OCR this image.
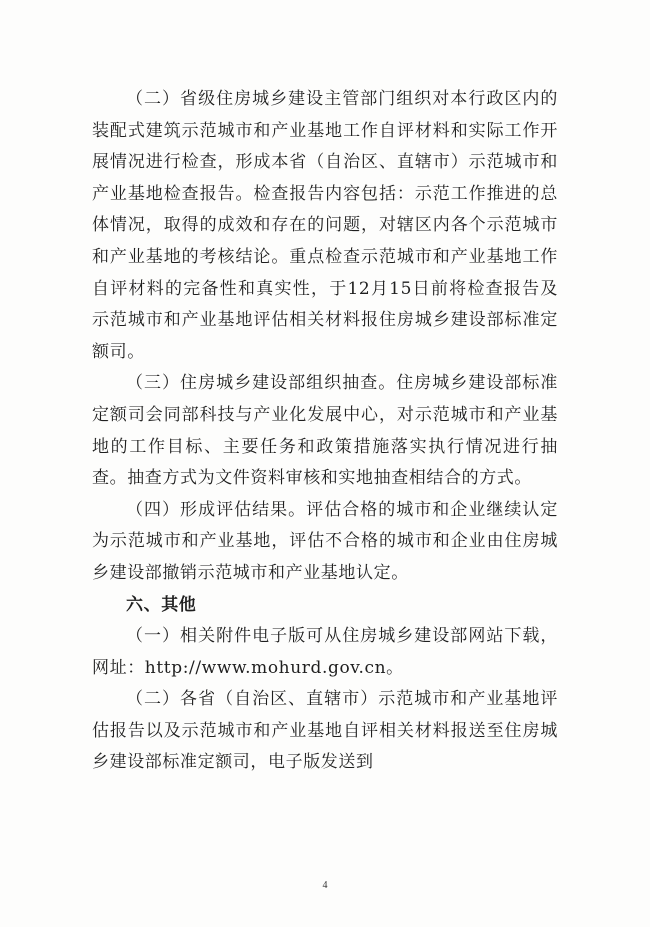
（二）省级住房城乡建设主管部门组织对本行政区内的装配式建筑示范城市和产业基地工作自评材料和实际工作开展情况进行检查，形成本省（自治区、直辖市）示范城市和产业基地检查报告。检查报告内容包括：示范工作推进的总体情况，取得的成效和存在的问题，对辖区内各个示范城市和产业基地的考核结论。重点检查示范城市和产业基地工作自评材料的完备性和真实性，于12月15日前将检查报告及示范城市和产业基地评估相关材料报住房城乡建设部标准定额司。

（三）住房城乡建设部组织抽查。住房城乡建设部标准定额司会同部科技与产业化发展中心，对示范城市和产业基地的工作目标、主要任务和政策措施落实执行情况进行抽查。抽查方式为文件资料审核和实地抽查相结合的方式。

（四）形成评估结果。评估合格的城市和企业继续认定为示范城市和产业基地，评估不合格的城市和企业由住房城乡建设部撤销示范城市和产业基地认定。

六、其他

（一）相关附件电子版可从住房城乡建设部网站下载，网址：http://www.mohurd.gov.cn。

（二）各省（自治区、直辖市）示范城市和产业基地评估报告以及示范城市和产业基地自评相关材料报送至住房城乡建设部标准定额司，电子版发送到

4
